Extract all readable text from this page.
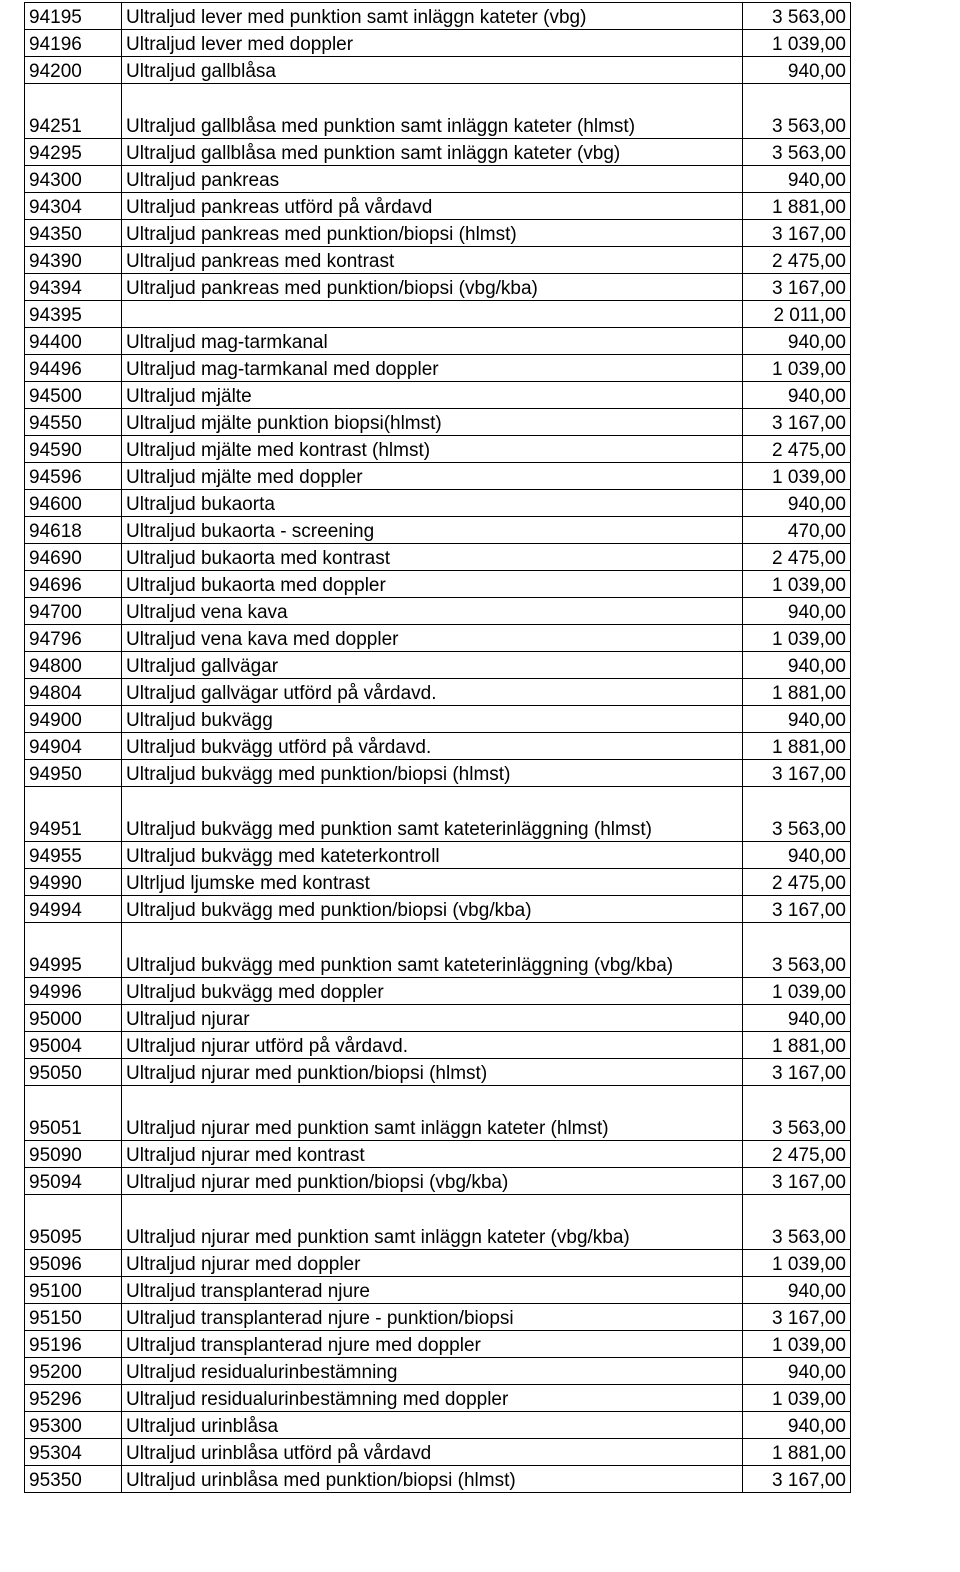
94195	Ultraljud lever med punktion samt inläggn kateter (vbg)	3 563,00
94196	Ultraljud lever med doppler	1 039,00
94200	Ultraljud gallblåsa	940,00
94251	Ultraljud gallblåsa med punktion samt inläggn kateter (hlmst)	3 563,00
94295	Ultraljud gallblåsa med punktion samt inläggn kateter (vbg)	3 563,00
94300	Ultraljud pankreas	940,00
94304	Ultraljud pankreas utförd på vårdavd	1 881,00
94350	Ultraljud pankreas med punktion/biopsi (hlmst)	3 167,00
94390	Ultraljud pankreas med kontrast	2 475,00
94394	Ultraljud pankreas med punktion/biopsi (vbg/kba)	3 167,00
94395		2 011,00
94400	Ultraljud mag-tarmkanal	940,00
94496	Ultraljud mag-tarmkanal med doppler	1 039,00
94500	Ultraljud mjälte	940,00
94550	Ultraljud mjälte punktion biopsi(hlmst)	3 167,00
94590	Ultraljud mjälte med kontrast (hlmst)	2 475,00
94596	Ultraljud mjälte med doppler	1 039,00
94600	Ultraljud bukaorta	940,00
94618	Ultraljud bukaorta - screening	470,00
94690	Ultraljud bukaorta med kontrast	2 475,00
94696	Ultraljud bukaorta med doppler	1 039,00
94700	Ultraljud vena kava	940,00
94796	Ultraljud vena kava med doppler	1 039,00
94800	Ultraljud gallvägar	940,00
94804	Ultraljud gallvägar utförd på vårdavd.	1 881,00
94900	Ultraljud bukvägg	940,00
94904	Ultraljud bukvägg utförd på vårdavd.	1 881,00
94950	Ultraljud bukvägg med punktion/biopsi (hlmst)	3 167,00
94951	Ultraljud bukvägg med punktion samt kateterinläggning (hlmst)	3 563,00
94955	Ultraljud bukvägg med kateterkontroll	940,00
94990	Ultrljud ljumske med kontrast	2 475,00
94994	Ultraljud bukvägg med punktion/biopsi (vbg/kba)	3 167,00
94995	Ultraljud bukvägg med punktion samt kateterinläggning (vbg/kba)	3 563,00
94996	Ultraljud bukvägg med doppler	1 039,00
95000	Ultraljud njurar	940,00
95004	Ultraljud njurar utförd på vårdavd.	1 881,00
95050	Ultraljud njurar med punktion/biopsi (hlmst)	3 167,00
95051	Ultraljud njurar med punktion samt inläggn kateter (hlmst)	3 563,00
95090	Ultraljud njurar med kontrast	2 475,00
95094	Ultraljud njurar med punktion/biopsi (vbg/kba)	3 167,00
95095	Ultraljud njurar med punktion samt inläggn kateter (vbg/kba)	3 563,00
95096	Ultraljud njurar med doppler	1 039,00
95100	Ultraljud transplanterad njure	940,00
95150	Ultraljud transplanterad njure - punktion/biopsi	3 167,00
95196	Ultraljud transplanterad njure med doppler	1 039,00
95200	Ultraljud residualurinbestämning	940,00
95296	Ultraljud residualurinbestämning med doppler	1 039,00
95300	Ultraljud urinblåsa	940,00
95304	Ultraljud urinblåsa utförd på vårdavd	1 881,00
95350	Ultraljud urinblåsa med punktion/biopsi (hlmst)	3 167,00
